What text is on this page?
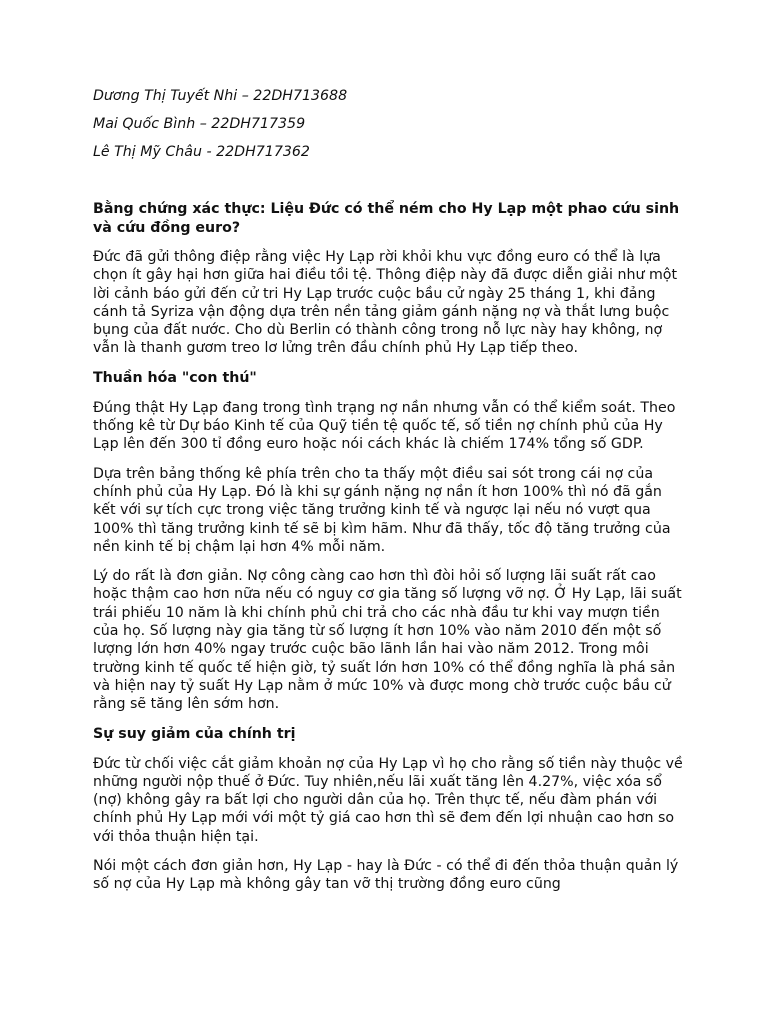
Dương Thị Tuyết Nhi – 22DH713688

Mai Quốc Bình – 22DH717359

Lê Thị Mỹ Châu - 22DH717362

Bằng chứng xác thực: Liệu Đức có thể ném cho Hy Lạp một phao cứu sinh và cứu đồng euro?

Đức đã gửi thông điệp rằng việc Hy Lạp rời khỏi khu vực đồng euro có thể là lựa chọn ít gây hại hơn giữa hai điều tồi tệ. Thông điệp này đã được diễn giải như một lời cảnh báo gửi đến cử tri Hy Lạp trước cuộc bầu cử ngày 25 tháng 1, khi đảng cánh tả Syriza vận động dựa trên nền tảng giảm gánh nặng nợ và thắt lưng buộc bụng của đất nước. Cho dù Berlin có thành công trong nỗ lực này hay không, nợ vẫn là thanh gươm treo lơ lửng trên đầu chính phủ Hy Lạp tiếp theo.

Thuần hóa "con thú"

Đúng thật Hy Lạp đang trong tình trạng nợ nần nhưng vẫn có thể kiểm soát. Theo thống kê từ Dự báo Kinh tế của Quỹ tiền tệ quốc tế, số tiền nợ chính phủ của Hy Lạp lên đến 300 tỉ đồng euro hoặc nói cách khác là chiếm 174% tổng số GDP.

Dựa trên bảng thống kê phía trên cho ta thấy một điều sai sót trong cái nợ của chính phủ của Hy Lạp. Đó là khi sự gánh nặng nợ nần ít hơn 100% thì nó đã gắn kết với sự tích cực trong việc tăng trưởng kinh tế và ngược lại nếu nó vượt qua 100% thì tăng trưởng kinh tế sẽ bị kìm hãm. Như đã thấy, tốc độ tăng trưởng của nền kinh tế bị chậm lại hơn 4% mỗi năm.

Lý do rất là đơn giản. Nợ công càng cao hơn thì đòi hỏi số lượng lãi suất rất cao hoặc thậm cao hơn nữa nếu có nguy cơ gia tăng số lượng vỡ nợ. Ở Hy Lạp, lãi suất trái phiếu 10 năm là khi chính phủ chi trả cho các nhà đầu tư khi vay mượn tiền của họ. Số lượng này gia tăng từ số lượng ít hơn 10% vào năm 2010 đến một số lượng lớn hơn 40% ngay trước cuộc bão lãnh lần hai vào năm 2012. Trong môi trường kinh tế quốc tế hiện giờ, tỷ suất lớn hơn 10% có thể đồng nghĩa là phá sản và hiện nay tỷ suất Hy Lạp nằm ở mức 10% và được mong chờ trước cuộc bầu cử rằng sẽ tăng lên sớm hơn.

Sự suy giảm của chính trị

Đức từ chối việc cắt giảm khoản nợ của Hy Lạp vì họ cho rằng số tiền này thuộc về những người nộp thuế ở Đức. Tuy nhiên,nếu lãi xuất tăng lên 4.27%, việc xóa sổ (nợ) không gây ra bất lợi cho người dân của họ. Trên thực tế, nếu đàm phán với chính phủ Hy Lạp mới với một tỷ giá cao hơn thì sẽ đem đến lợi nhuận cao hơn so với thỏa thuận hiện tại.

Nói một cách đơn giản hơn, Hy Lạp - hay là Đức - có thể đi đến thỏa thuận quản lý số nợ của Hy Lạp mà không gây tan vỡ thị trường đồng euro cũng
